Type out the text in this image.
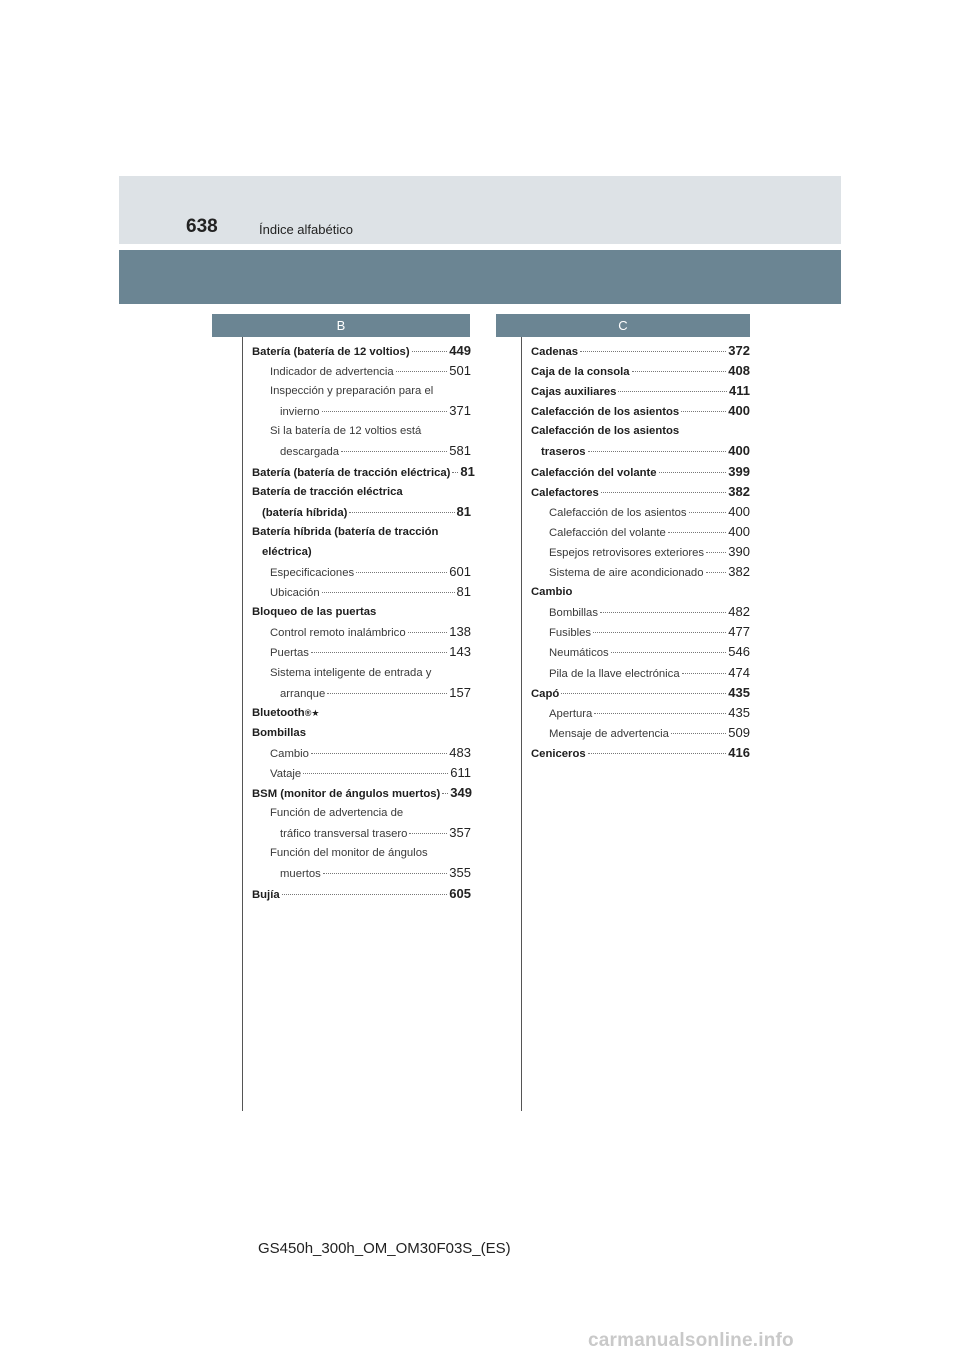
638	Índice alfabético
B	C
Batería (batería de 12 voltios)	449
Indicador de advertencia	501
Inspección y preparación para el
invierno	371
Si la batería de 12 voltios está
descargada	581
Batería (batería de tracción eléctrica) 81
Batería de tracción eléctrica
(batería híbrida)	81
Batería híbrida (batería de tracción
eléctrica)
Especificaciones	601
Ubicación	81
Bloqueo de las puertas
Control remoto inalámbrico	138
Puertas	143
Sistema inteligente de entrada y
arranque	157
Bluetooth ®★
Bombillas
Cambio	483
Vataje	611
BSM (monitor de ángulos muertos) 349
Función de advertencia de
tráfico transversal trasero	357
Función del monitor de ángulos
muertos	355
Bujía	605
Cadenas	372
Caja de la consola	408
Cajas auxiliares	411
Calefacción de los asientos	400
Calefacción de los asientos
traseros	400
Calefacción del volante	399
Calefactores	382
Calefacción de los asientos	400
Calefacción del volante	400
Espejos retrovisores exteriores 390
Sistema de aire acondicionado 382
Cambio
Bombillas	482
Fusibles	477
Neumáticos	546
Pila de la llave electrónica	474
Capó	435
Apertura	435
Mensaje de advertencia	509
Ceniceros	416
GS450h_300h_OM_OM30F03S_(ES)
carmanualsonline.info
